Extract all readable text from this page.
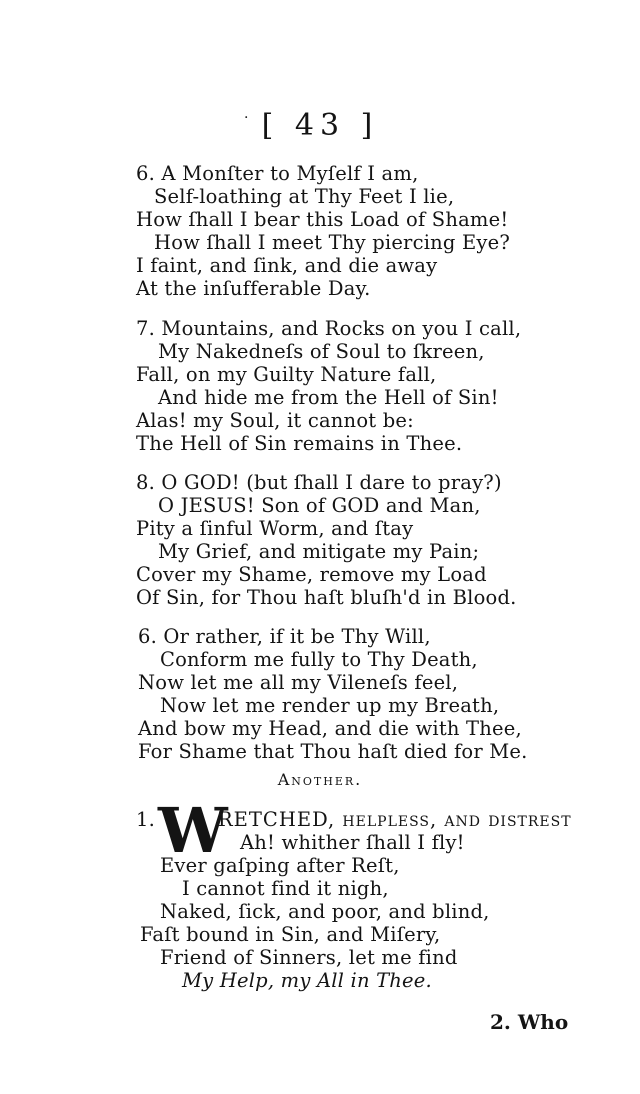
· [ 43 ]
6. A Monſter to Myſelf I am,
Self-loathing at Thy Feet I lie,
How ſhall I bear this Load of Shame!
How ſhall I meet Thy piercing Eye?
I faint, and ſink, and die away
At the inſufferable Day.
7. Mountains, and Rocks on you I call,
My Nakedneſs of Soul to ſkreen,
Fall, on my Guilty Nature fall,
And hide me from the Hell of Sin!
Alas! my Soul, it cannot be:
The Hell of Sin remains in Thee.
8. O GOD! (but ſhall I dare to pray?)
O JESUS! Son of GOD and Man,
Pity a ſinful Worm, and ſtay
My Grief, and mitigate my Pain;
Cover my Shame, remove my Load
Of Sin, for Thou haſt bluſh'd in Blood.
6. Or rather, if it be Thy Will,
Conform me fully to Thy Death,
Now let me all my Vileneſs feel,
Now let me render up my Breath,
And bow my Head, and die with Thee,
For Shame that Thou haſt died for Me.
Another.
1. W
RETCHED, helpleſs, and diſtreſt
Ah! whither ſhall I fly!
Ever gaſping after Reſt,
I cannot find it nigh,
Naked, ſick, and poor, and blind,
Faſt bound in Sin, and Miſery,
Friend of Sinners, let me find
My Help, my All in Thee.
2. Who
